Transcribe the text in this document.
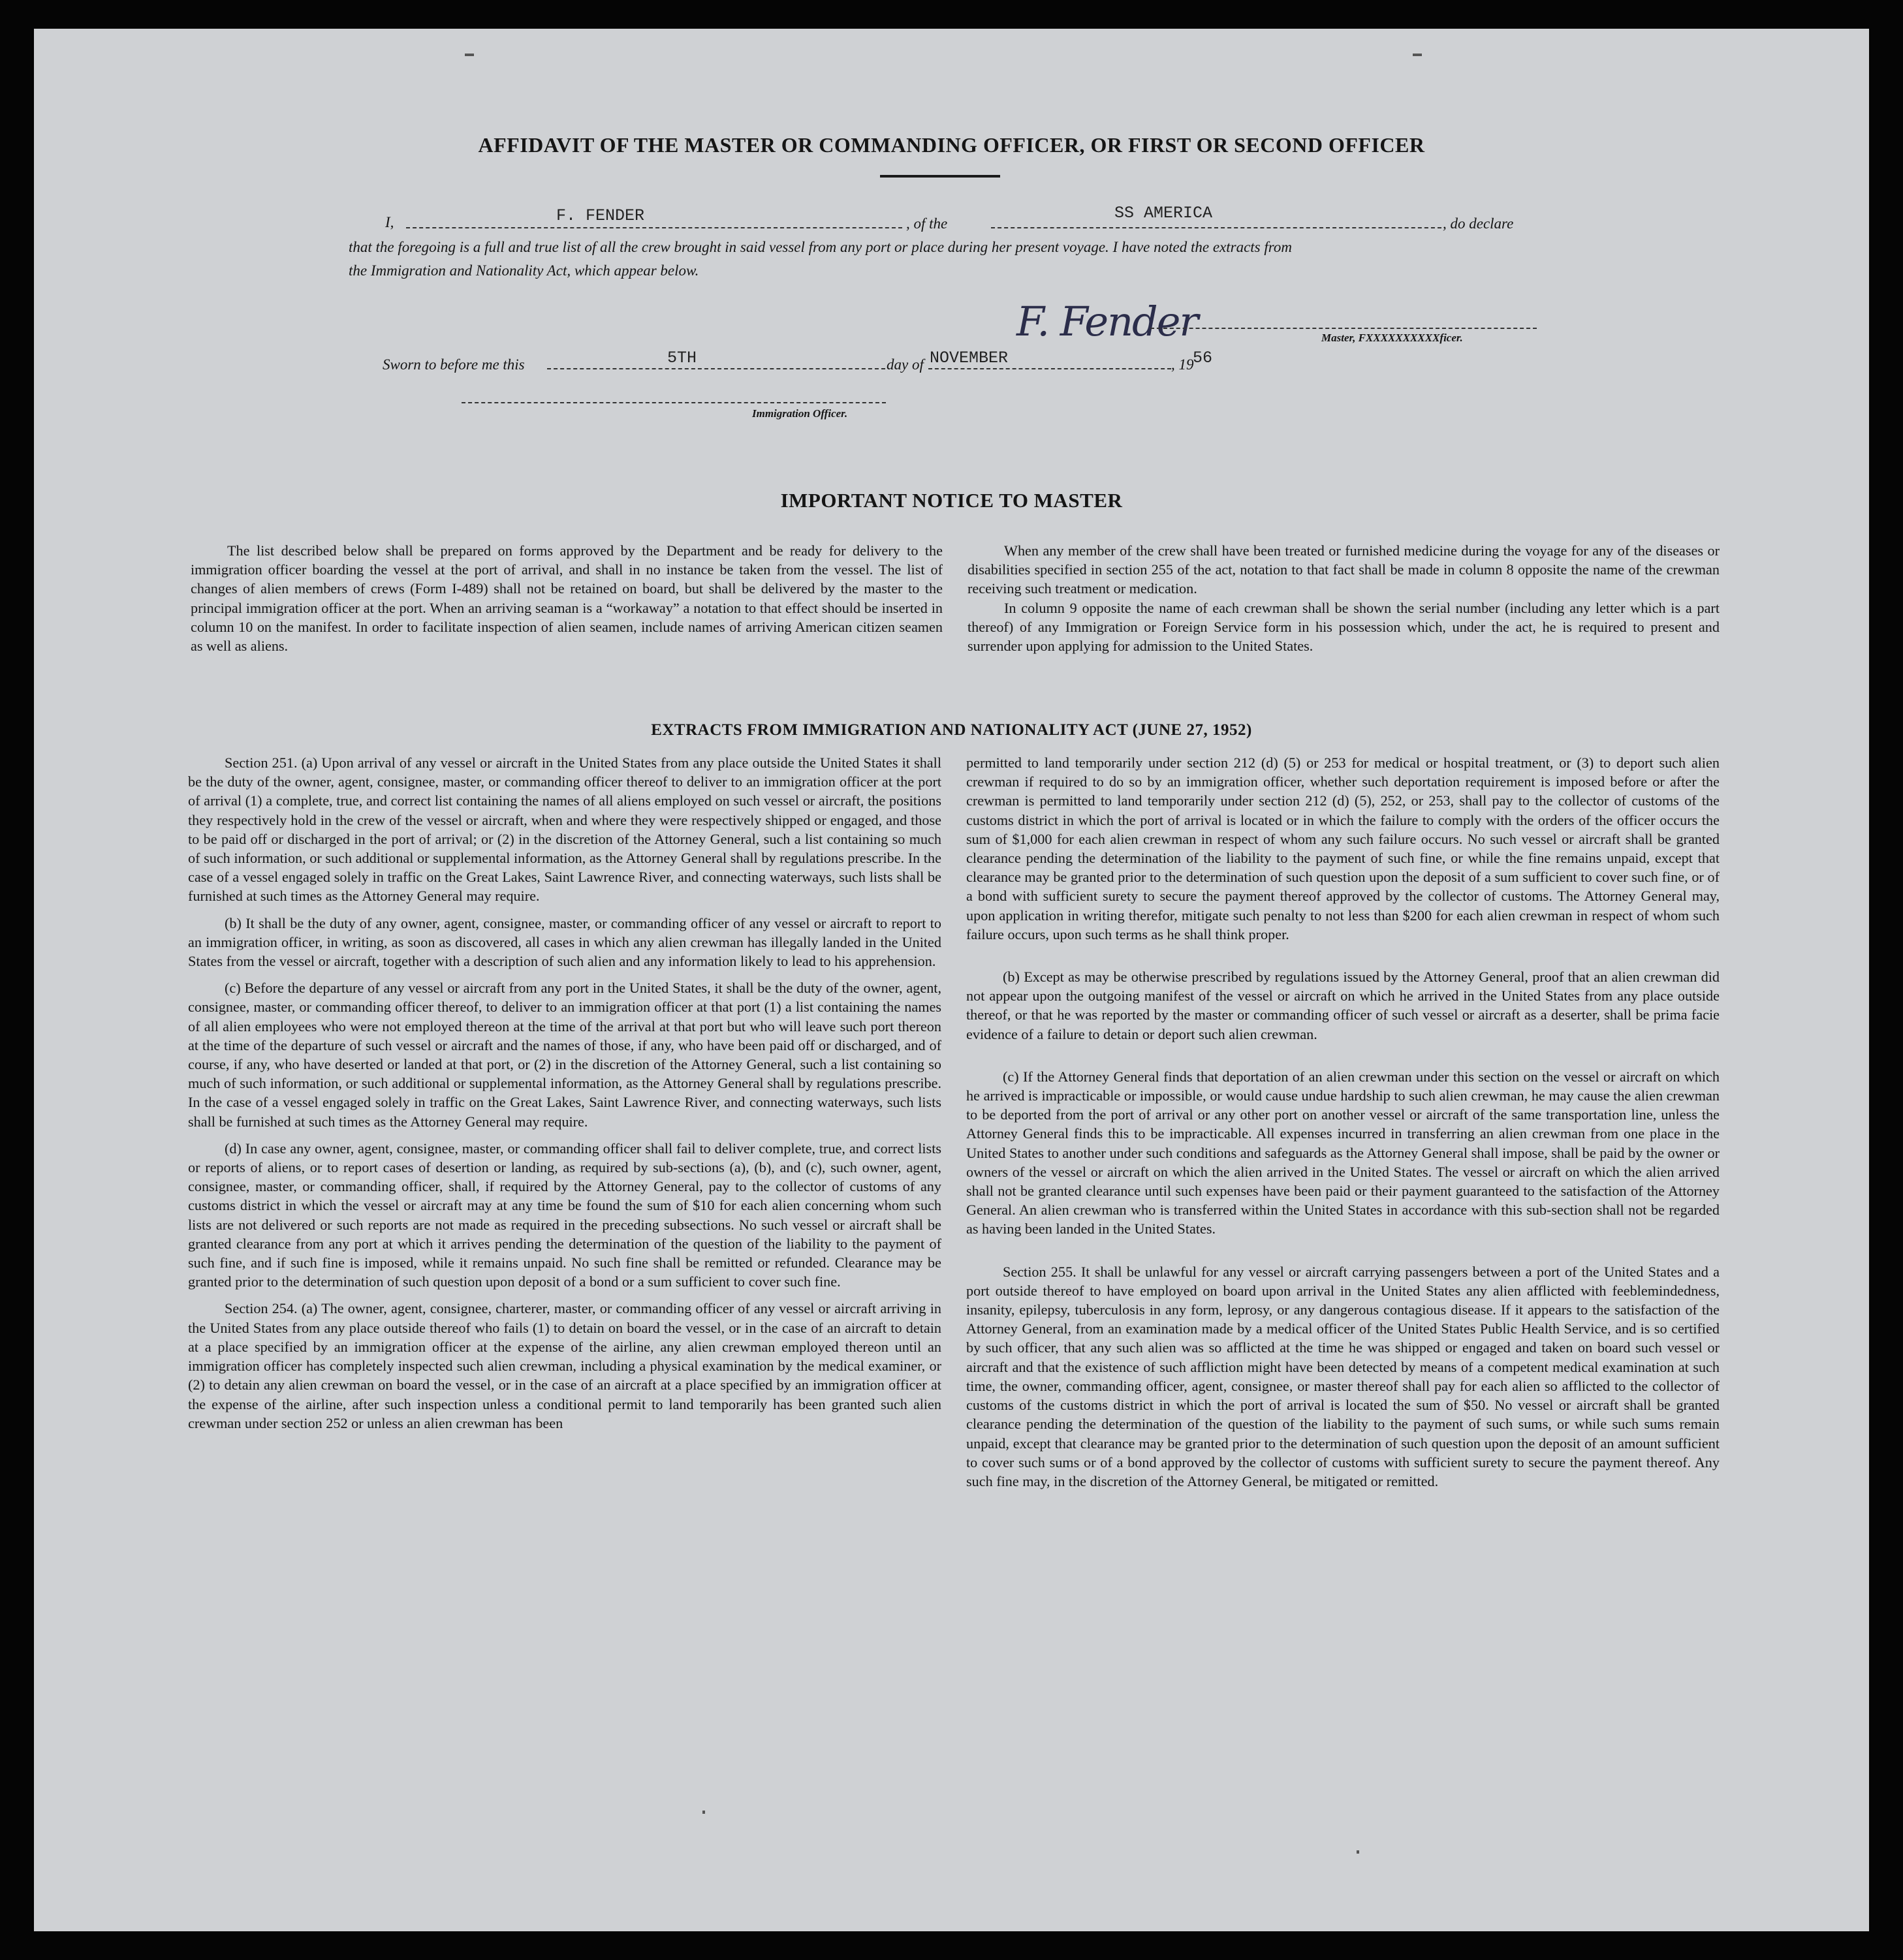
AFFIDAVIT OF THE MASTER OR COMMANDING OFFICER, OR FIRST OR SECOND OFFICER
I,	F. FENDER	, of the
SS AMERICA
, do declare
that the foregoing is a full and true list of all the crew brought in said vessel from any port or place during her present voyage. I have noted the extracts from
the Immigration and Nationality Act, which appear below.
F. Fender	Master, FXXXXXXXXXXficer.
Sworn to before me this	5TH	day of NOVEMBER	, 19
56
Immigration Officer.
IMPORTANT NOTICE TO MASTER

The list described below shall be prepared on forms approved by the Department and be ready for delivery to the immigration officer boarding the vessel at the port of arrival, and shall in no instance be taken from the vessel. The list of changes of alien members of crews (Form I-489) shall not be retained on board, but shall be delivered by the master to the principal immigration officer at the port. When an arriving seaman is a “workaway” a notation to that effect should be inserted in column 10 on the manifest. In order to facilitate inspection of alien seamen, include names of arriving American citizen seamen as well as aliens.

When any member of the crew shall have been treated or furnished medicine during the voyage for any of the diseases or disabilities specified in section 255 of the act, notation to that fact shall be made in column 8 opposite the name of the crewman receiving such treatment or medication.

In column 9 opposite the name of each crewman shall be shown the serial number (including any letter which is a part thereof) of any Immigration or Foreign Service form in his possession which, under the act, he is required to present and surrender upon applying for admission to the United States.

EXTRACTS FROM IMMIGRATION AND NATIONALITY ACT (JUNE 27, 1952)

Section 251. (a) Upon arrival of any vessel or aircraft in the United States from any place outside the United States it shall be the duty of the owner, agent, consignee, master, or commanding officer thereof to deliver to an immigration officer at the port of arrival (1) a complete, true, and correct list containing the names of all aliens employed on such vessel or aircraft, the positions they respectively hold in the crew of the vessel or aircraft, when and where they were respectively shipped or engaged, and those to be paid off or discharged in the port of arrival; or (2) in the discretion of the Attorney General, such a list containing so much of such information, or such additional or supplemental information, as the Attorney General shall by regulations prescribe. In the case of a vessel engaged solely in traffic on the Great Lakes, Saint Lawrence River, and connecting waterways, such lists shall be furnished at such times as the Attorney General may require.

(b) It shall be the duty of any owner, agent, consignee, master, or commanding officer of any vessel or aircraft to report to an immigration officer, in writing, as soon as discovered, all cases in which any alien crewman has illegally landed in the United States from the vessel or aircraft, together with a description of such alien and any information likely to lead to his apprehension.

(c) Before the departure of any vessel or aircraft from any port in the United States, it shall be the duty of the owner, agent, consignee, master, or commanding officer thereof, to deliver to an immigration officer at that port (1) a list containing the names of all alien employees who were not employed thereon at the time of the arrival at that port but who will leave such port thereon at the time of the departure of such vessel or aircraft and the names of those, if any, who have been paid off or discharged, and of course, if any, who have deserted or landed at that port, or (2) in the discretion of the Attorney General, such a list containing so much of such information, or such additional or supplemental information, as the Attorney General shall by regulations prescribe. In the case of a vessel engaged solely in traffic on the Great Lakes, Saint Lawrence River, and connecting waterways, such lists shall be furnished at such times as the Attorney General may require.

(d) In case any owner, agent, consignee, master, or commanding officer shall fail to deliver complete, true, and correct lists or reports of aliens, or to report cases of desertion or landing, as required by sub-sections (a), (b), and (c), such owner, agent, consignee, master, or commanding officer, shall, if required by the Attorney General, pay to the collector of customs of any customs district in which the vessel or aircraft may at any time be found the sum of $10 for each alien concerning whom such lists are not delivered or such reports are not made as required in the preceding subsections. No such vessel or aircraft shall be granted clearance from any port at which it arrives pending the determination of the question of the liability to the payment of such fine, and if such fine is imposed, while it remains unpaid. No such fine shall be remitted or refunded. Clearance may be granted prior to the determination of such question upon deposit of a bond or a sum sufficient to cover such fine.

Section 254. (a) The owner, agent, consignee, charterer, master, or commanding officer of any vessel or aircraft arriving in the United States from any place outside thereof who fails (1) to detain on board the vessel, or in the case of an aircraft to detain at a place specified by an immigration officer at the expense of the airline, any alien crewman employed thereon until an immigration officer has completely inspected such alien crewman, including a physical examination by the medical examiner, or (2) to detain any alien crewman on board the vessel, or in the case of an aircraft at a place specified by an immigration officer at the expense of the airline, after such inspection unless a conditional permit to land temporarily has been granted such alien crewman under section 252 or unless an alien crewman has been

permitted to land temporarily under section 212 (d) (5) or 253 for medical or hospital treatment, or (3) to deport such alien crewman if required to do so by an immigration officer, whether such deportation requirement is imposed before or after the crewman is permitted to land temporarily under section 212 (d) (5), 252, or 253, shall pay to the collector of customs of the customs district in which the port of arrival is located or in which the failure to comply with the orders of the officer occurs the sum of $1,000 for each alien crewman in respect of whom any such failure occurs. No such vessel or aircraft shall be granted clearance pending the determination of the liability to the payment of such fine, or while the fine remains unpaid, except that clearance may be granted prior to the determination of such question upon the deposit of a sum sufficient to cover such fine, or of a bond with sufficient surety to secure the payment thereof approved by the collector of customs. The Attorney General may, upon application in writing therefor, mitigate such penalty to not less than $200 for each alien crewman in respect of whom such failure occurs, upon such terms as he shall think proper.

(b) Except as may be otherwise prescribed by regulations issued by the Attorney General, proof that an alien crewman did not appear upon the outgoing manifest of the vessel or aircraft on which he arrived in the United States from any place outside thereof, or that he was reported by the master or commanding officer of such vessel or aircraft as a deserter, shall be prima facie evidence of a failure to detain or deport such alien crewman.

(c) If the Attorney General finds that deportation of an alien crewman under this section on the vessel or aircraft on which he arrived is impracticable or impossible, or would cause undue hardship to such alien crewman, he may cause the alien crewman to be deported from the port of arrival or any other port on another vessel or aircraft of the same transportation line, unless the Attorney General finds this to be impracticable. All expenses incurred in transferring an alien crewman from one place in the United States to another under such conditions and safeguards as the Attorney General shall impose, shall be paid by the owner or owners of the vessel or aircraft on which the alien arrived in the United States. The vessel or aircraft on which the alien arrived shall not be granted clearance until such expenses have been paid or their payment guaranteed to the satisfaction of the Attorney General. An alien crewman who is transferred within the United States in accordance with this sub-section shall not be regarded as having been landed in the United States.

Section 255. It shall be unlawful for any vessel or aircraft carrying passengers between a port of the United States and a port outside thereof to have employed on board upon arrival in the United States any alien afflicted with feeblemindedness, insanity, epilepsy, tuberculosis in any form, leprosy, or any dangerous contagious disease. If it appears to the satisfaction of the Attorney General, from an examination made by a medical officer of the United States Public Health Service, and is so certified by such officer, that any such alien was so afflicted at the time he was shipped or engaged and taken on board such vessel or aircraft and that the existence of such affliction might have been detected by means of a competent medical examination at such time, the owner, commanding officer, agent, consignee, or master thereof shall pay for each alien so afflicted to the collector of customs of the customs district in which the port of arrival is located the sum of $50. No vessel or aircraft shall be granted clearance pending the determination of the question of the liability to the payment of such sums, or while such sums remain unpaid, except that clearance may be granted prior to the determination of such question upon the deposit of an amount sufficient to cover such sums or of a bond approved by the collector of customs with sufficient surety to secure the payment thereof. Any such fine may, in the discretion of the Attorney General, be mitigated or remitted.
